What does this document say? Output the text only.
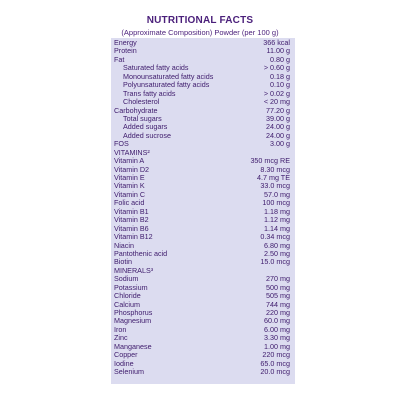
NUTRITIONAL FACTS
(Approximate Composition) Powder (per 100 g)
Energy	366 kcal
Protein	11.00 g
Fat	0.80 g
Saturated fatty acids	> 0.60 g
Monounsaturated fatty acids	0.18 g
Polyunsaturated fatty acids	0.10 g
Trans fatty acids	> 0.02 g
Cholesterol	< 20 mg
Carbohydrate	77.20 g
Total sugars	39.00 g
Added sugars	24.00 g
Added sucrose	24.00 g
FOS	3.00 g
VITAMINS²
Vitamin A	350 mcg RE
Vitamin D2	8.30 mcg
Vitamin E	4.7 mg TE
Vitamin K	33.0 mcg
Vitamin C	57.0 mg
Folic acid	100 mcg
Vitamin B1	1.18 mg
Vitamin B2	1.12 mg
Vitamin B6	1.14 mg
Vitamin B12	0.34 mcg
Niacin	6.80 mg
Pantothenic acid	2.50 mg
Biotin	15.0 mcg
MINERALS³
Sodium	270 mg
Potassium	500 mg
Chloride	505 mg
Calcium	744 mg
Phosphorus	220 mg
Magnesium	60.0 mg
Iron	6.00 mg
Zinc	3.30 mg
Manganese	1.00 mg
Copper	220 mcg
Iodine	65.0 mcg
Selenium	20.0 mcg
